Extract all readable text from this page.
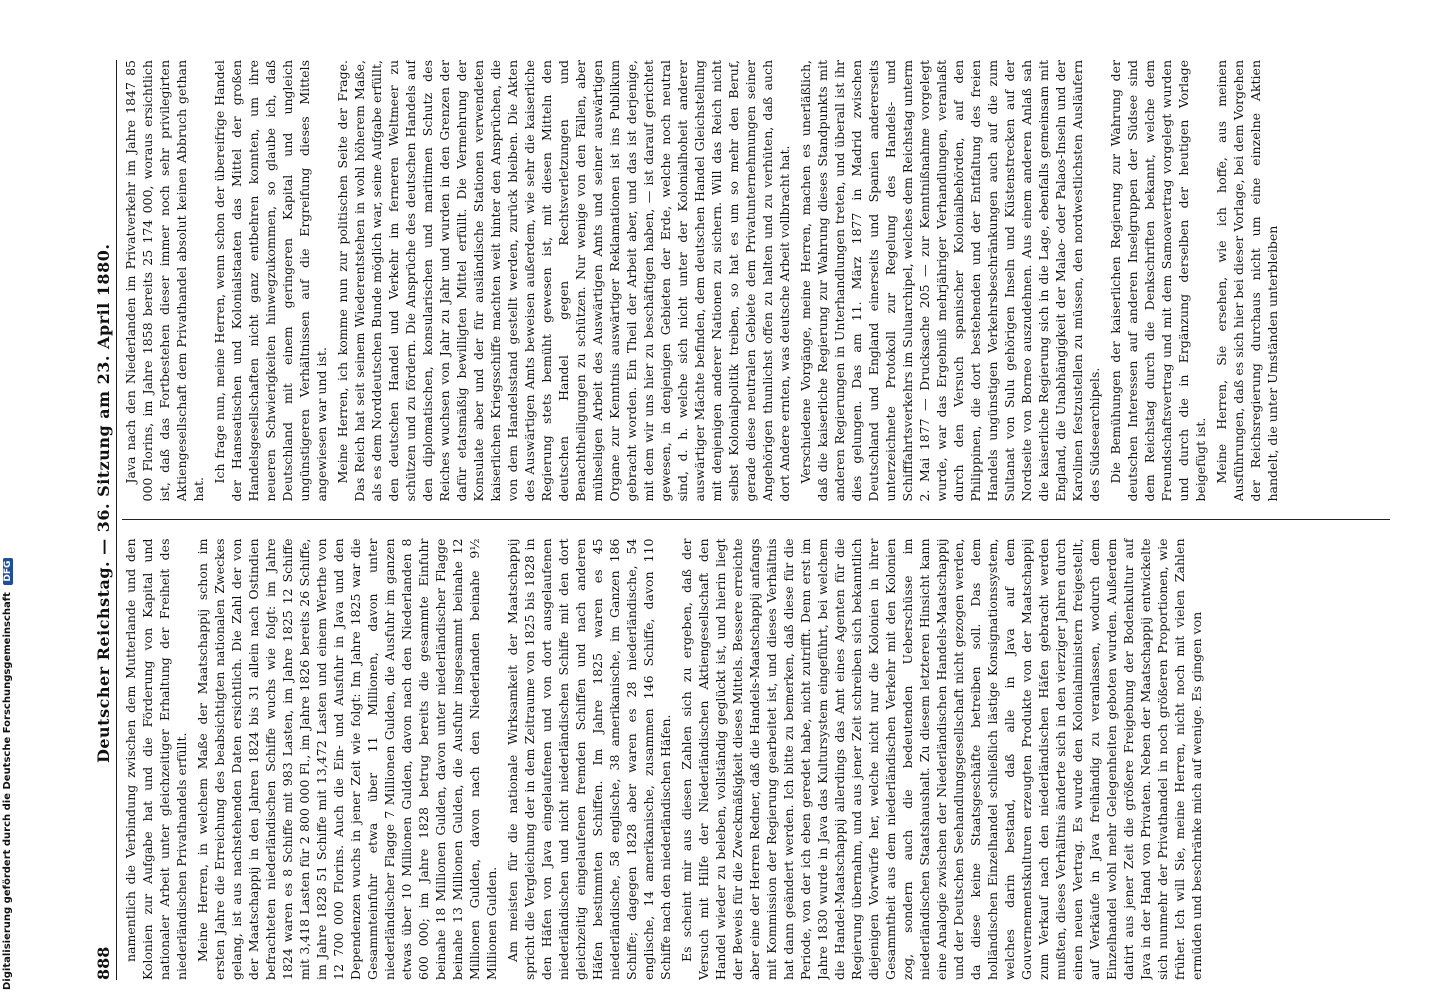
Digitalisierung gefördert durch die Deutsche Forschungsgemeinschaft DFG
888
Deutscher Reichstag. — 36. Sitzung am 23. April 1880. namentlich die Verbindung zwischen dem Mutterlande und den Kolonien zur Aufgabe hat und die Förderung von Kapital und nationaler Arbeit unter gleichzeitiger Erhaltung der Freiheit des niederländischen Privathandels erfüllt. Meine Herren, in welchem Maße der Maatschappij schon im ersten Jahre die Erreichung des beabsichtigten nationalen Zweckes gelang, ist aus nachstehenden Daten ersichtlich. Die Zahl der von der Maatschappij in den Jahren 1824 bis 31 allein nach Ostindien befrachteten niederländischen Schiffe wuchs wie folgt: im Jahre 1824 waren es 8 Schiffe mit 983 Lasten, im Jahre 1825 12 Schiffe mit 3,418 Lasten für 2 800 000 Fl., im Jahre 1826 bereits 26 Schiffe, im Jahre 1828 51 Schiffe mit 13,472 Lasten und einem Werthe von 12 700 000 Florins. Auch die Ein- und Ausfuhr in Java und den Dependenzen wuchs in jener Zeit wie folgt: Im Jahre 1825 war die Gesammteinfuhr etwa über 11 Millionen, davon unter niederländischer Flagge 7 Millionen Gulden, die Ausfuhr im ganzen etwas über 10 Millionen Gulden, davon nach den Niederlanden 8 600 000; im Jahre 1828 betrug bereits die gesammte Einfuhr beinahe 18 Millionen Gulden, davon unter niederländischer Flagge beinahe 13 Millionen Gulden, die Ausfuhr insgesammt beinahe 12 Millionen Gulden, davon nach den Niederlanden beinahe 9½ Millionen Gulden. Am meisten für die nationale Wirksamkeit der Maatschappij spricht die Vergleichung der in dem Zeitraume von 1825 bis 1828 in den Häfen von Java eingelaufenen und von dort ausgelaufenen niederländischen und nicht niederländischen Schiffe mit den dort gleichzeitig eingelaufenen fremden Schiffen und nach anderen Häfen bestimmten Schiffen. Im Jahre 1825 waren es 45 niederländische, 58 englische, 38 amerikanische, im Ganzen 186 Schiffe; dagegen 1828 aber waren es 28 niederländische, 54 englische, 14 amerikanische, zusammen 146 Schiffe, davon 110 Schiffe nach den niederländischen Häfen. Es scheint mir aus diesen Zahlen sich zu ergeben, daß der Versuch mit Hilfe der Niederländischen Aktiengesellschaft den Handel wieder zu beleben, vollständig geglückt ist, und hierin liegt der Beweis für die Zweckmäßigkeit dieses Mittels. Bessere erreichte aber eine der Herren Redner, daß die Handels-Maatschappij anfangs mit Kommission der Regierung gearbeitet ist, und dieses Verhältnis hat dann geändert werden. Ich bitte zu bemerken, daß diese für die Periode, von der ich eben geredet habe, nicht zutrifft. Denn erst im Jahre 1830 wurde in Java das Kultursystem eingeführt, bei welchem die Handel-Maatschappij allerdings das Amt eines Agenten für die Regierung übernahm, und aus jener Zeit schreiben sich bekanntlich diejenigen Vorwürfe her, welche nicht nur die Kolonien in ihrer Gesammtheit aus dem niederländischen Verkehr mit den Kolonien zog, sondern auch die bedeutenden Ueberschüsse im niederländischen Staatshaushalt. Zu diesem letzteren Hinsicht kann eine Analogie zwischen der Niederländischen Handels-Maatschappij und der Deutschen Seehandlungsgesellschaft nicht gezogen werden, da diese keine Staatsgeschäfte betreiben soll. Das dem holländischen Einzelhandel schließlich lästige Konsignationssystem, welches darin bestand, daß alle in Java auf dem Gouvernementskulturen erzeugten Produkte von der Maatschappij zum Verkauf nach den niederländischen Häfen gebracht werden mußten, dieses Verhältnis änderte sich in den vierziger Jahren durch einen neuen Vertrag. Es wurde den Kolonialministern freigestellt, auf Verkäufe in Java freihändig zu veranlassen, wodurch dem Einzelhandel wohl mehr Gelegenheiten geboten wurden. Außerdem datirt aus jener Zeit die größere Freigebung der Bodenkultur auf Java in der Hand von Privaten. Neben der Maatschappij entwickelte sich nunmehr der Privathandel in noch größeren Proportionen, wie früher. Ich will Sie, meine Herren, nicht noch mit vielen Zahlen ermüden und beschränke mich auf wenige. Es gingen von

Java nach den Niederlanden im Privatverkehr im Jahre 1847 85 000 Florins, im Jahre 1858 bereits 25 174 000, woraus ersichtlich ist, daß das Fortbestehen dieser immer noch sehr privilegirten Aktiengesellschaft dem Privathandel absolut keinen Abbruch gethan hat.

Ich frage nun, meine Herren, wenn schon der übereifrige Handel der Hanseatischen und Kolonialstaaten das Mittel der großen Handelsgesellschaften nicht ganz entbehren konnten, um ihre neueren Schwierigkeiten hinwegzukommen, so glaube ich, daß Deutschland mit einem geringeren Kapital und ungleich ungünstigeren Verhältnissen auf die Ergreifung dieses Mittels angewiesen war und ist. Meine Herren, ich komme nun zur politischen Seite der Frage. Das Reich hat seit seinem Wiederentstehen in wohl höherem Maße, als es dem Norddeutschen Bunde möglich war, seine Aufgabe erfüllt, den deutschen Handel und Verkehr im ferneren Weltmeer zu schützen und zu fördern. Die Ansprüche des deutschen Handels auf den diplomatischen, konsularischen und maritimen Schutz des Reiches wuchsen von Jahr zu Jahr und wurden in den Grenzen der dafür etatsmäßig bewilligten Mittel erfüllt. Die Vermehrung der Konsulate aber und der für ausländische Stationen verwendeten kaiserlichen Kriegsschiffe machten weit hinter den Ansprüchen, die von dem Handelsstand gestellt werden, zurück bleiben. Die Akten des Auswärtigen Amts beweisen außerdem, wie sehr die kaiserliche Regierung stets bemüht gewesen ist, mit diesen Mitteln den deutschen Handel gegen Rechtsverletzungen und Benachtheiligungen zu schützen. Nur wenige von den Fällen, aber mühseligen Arbeit des Auswärtigen Amts und seiner auswärtigen Organe zur Kenntnis auswärtiger Reklamationen ist ins Publikum gebracht worden. Ein Theil der Arbeit aber, und das ist derjenige, mit dem wir uns hier zu beschäftigen haben, — ist darauf gerichtet gewesen, in denjenigen Gebieten der Erde, welche noch neutral sind, d. h. welche sich nicht unter der Kolonialhoheit anderer auswärtiger Mächte befinden, dem deutschen Handel Gleichstellung mit denjenigen anderer Nationen zu sichern. Will das Reich nicht selbst Kolonialpolitik treiben, so hat es um so mehr den Beruf, gerade diese neutralen Gebiete dem Privatunternehmungen seiner Angehörigen thunlichst offen zu halten und zu verhüten, daß auch dort Andere ernten, was deutsche Arbeit vollbracht hat. Verschiedene Vorgänge, meine Herren, machen es unerläßlich, daß die kaiserliche Regierung zur Wahrung dieses Standpunkts mit anderen Regierungen in Unterhandlungen treten, und überall ist ihr dies gelungen. Das am 11. März 1877 in Madrid zwischen Deutschland und England einerseits und Spanien andererseits unterzeichnete Protokoll zur Regelung des Handels- und Schifffahrtsverkehrs im Suluarchipel, welches dem Reichstag unterm 2. Mai 1877 — Drucksache 205 — zur Kenntnißnahme vorgelegt wurde, war das Ergebniß mehrjähriger Verhandlungen, veranlaßt durch den Versuch spanischer Kolonialbehörden, auf den Philippinen, die dort bestehenden und der Entfaltung des freien Handels ungünstigen Verkehrsbeschränkungen auch auf die zum Sultanat von Sulu gehörigen Inseln und Küstenstrecken auf der Nordseite von Borneo auszudehnen. Aus einem anderen Anlaß sah die kaiserliche Regierung sich in die Lage, ebenfalls gemeinsam mit England, die Unabhängigkeit der Malao- oder Palaos-Inseln und der Karolinen festzustellen zu müssen, den nordwestlichsten Ausläufern des Südseearchipels. Die Bemühungen der kaiserlichen Regierung zur Wahrung der deutschen Interessen auf anderen Inselgruppen der Südsee sind dem Reichstag durch die Denkschriften bekannt, welche dem Freundschaftsvertrag und mit dem Samoavertrag vorgelegt wurden und durch die in Ergänzung derselben der heutigen Vorlage beigefügt ist. Meine Herren, Sie ersehen, wie ich hoffe, aus meinen Ausführungen, daß es sich hier bei dieser Vorlage, bei dem Vorgehen der Reichsregierung durchaus nicht um eine einzelne Aktien handelt, die unter Umständen unterbleiben
